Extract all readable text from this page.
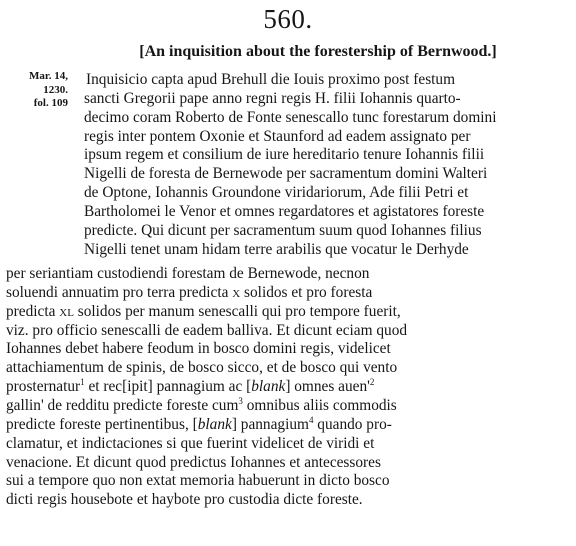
560.
[An inquisition about the forestership of Bernwood.]
Mar. 14,
1230.
fol. 109
Inquisicio capta apud Brehull die Iouis proximo post festum
sancti Gregorii pape anno regni regis H. filii Iohannis quarto-
decimo coram Roberto de Fonte senescallo tunc forestarum domini
regis inter pontem Oxonie et Staunford ad eadem assignato per
ipsum regem et consilium de iure hereditario tenure Iohannis filii
Nigelli de foresta de Bernewode per sacramentum domini Walteri
de Optone, Iohannis Groundone viridariorum, Ade filii Petri et
Bartholomei le Venor et omnes regardatores et agistatores foreste
predicte. Qui dicunt per sacramentum suum quod Iohannes filius
Nigelli tenet unam hidam terre arabilis que vocatur le Derhyde
per seriantiam custodiendi forestam de Bernewode, necnon
soluendi annuatim pro terra predicta x solidos et pro foresta
predicta xl solidos per manum senescalli qui pro tempore fuerit,
viz. pro officio senescalli de eadem balliva. Et dicunt eciam quod
Iohannes debet habere feodum in bosco domini regis, videlicet
attachiamentum de spinis, de bosco sicco, et de bosco qui vento
prosternatur$^1$ et rec[ipit] pannagium ac [blank] omnes $auen'^2$
gallin' de redditu predicte foreste cum$^3$ omnibus aliis commodis
predicte foreste pertinentibus, [blank] pannagium$^4$ quando pro-
clamatur, et indictaciones si que fuerint videlicet de viridi et
venacione. Et dicunt quod predictus Iohannes et antecessores
sui a tempore quo non extat memoria habuerunt in dicto bosco
dicti regis housebote et haybote pro custodia dicte foreste.
